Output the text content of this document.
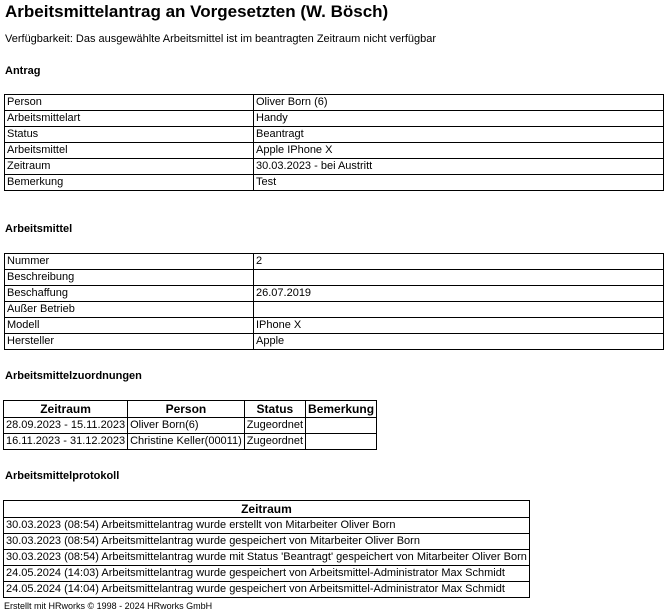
Arbeitsmittelantrag an Vorgesetzten (W. Bösch)
Verfügbarkeit: Das ausgewählte Arbeitsmittel ist im beantragten Zeitraum nicht verfügbar
Antrag
Person	Oliver Born (6)
Arbeitsmittelart	Handy
Status	Beantragt
Arbeitsmittel	Apple IPhone X
Zeitraum	30.03.2023 - bei Austritt
Bemerkung	Test
Arbeitsmittel
Nummer	2
Beschreibung	
Beschaffung	26.07.2019
Außer Betrieb	
Modell	IPhone X
Hersteller	Apple
Arbeitsmittelzuordnungen
Zeitraum	Person	Status	Bemerkung
28.09.2023 - 15.11.2023	Oliver Born(6)	Zugeordnet	
16.11.2023 - 31.12.2023	Christine Keller(00011)	Zugeordnet	
Arbeitsmittelprotokoll
Zeitraum
30.03.2023 (08:54) Arbeitsmittelantrag wurde erstellt von Mitarbeiter Oliver Born
30.03.2023 (08:54) Arbeitsmittelantrag wurde gespeichert von Mitarbeiter Oliver Born
30.03.2023 (08:54) Arbeitsmittelantrag wurde mit Status 'Beantragt' gespeichert von Mitarbeiter Oliver Born
24.05.2024 (14:03) Arbeitsmittelantrag wurde gespeichert von Arbeitsmittel-Administrator Max Schmidt
24.05.2024 (14:04) Arbeitsmittelantrag wurde gespeichert von Arbeitsmittel-Administrator Max Schmidt
Erstellt mit HRworks © 1998 - 2024 HRworks GmbH
